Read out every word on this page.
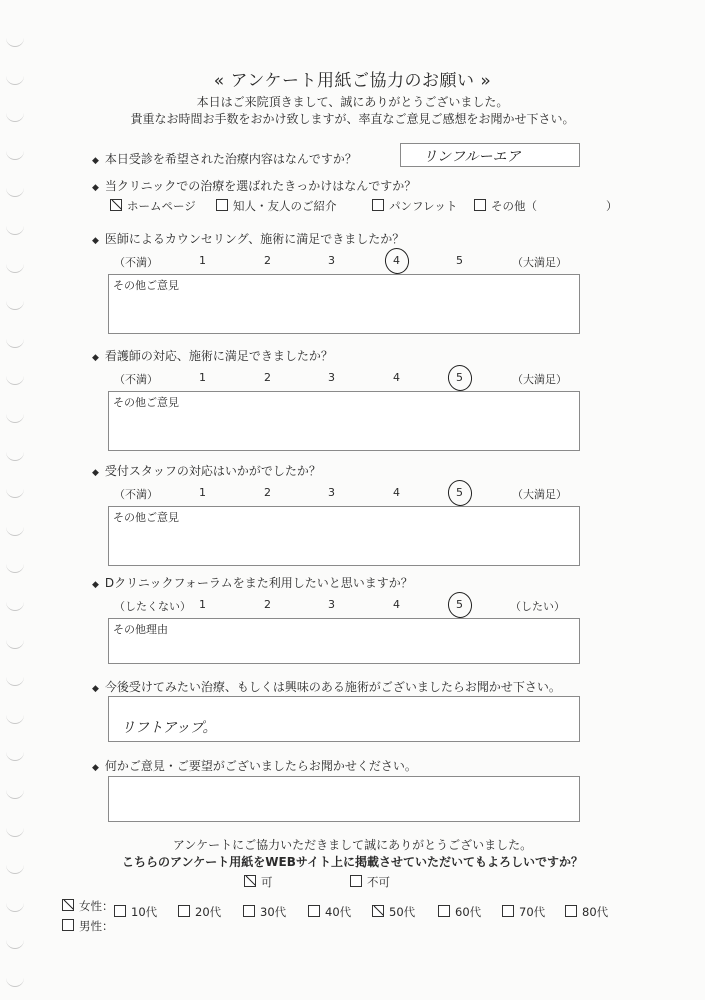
« アンケート用紙ご協力のお願い »
本日はご来院頂きまして、誠にありがとうございました。
貴重なお時間お手数をおかけ致しますが、率直なご意見ご感想をお聞かせ下さい。
◆ 本日受診を希望された治療内容はなんですか？	リンフルーエア
◆ 当クリニックでの治療を選ばれたきっかけはなんですか？
ホームページ	知人・友人のご紹介	パンフレット	その他（	）
◆ 医師によるカウンセリング、施術に満足できましたか？
（不満）	1	2	3	4	5	（大満足）
その他ご意見
◆ 看護師の対応、施術に満足できましたか？
（不満）	1	2	3	4	5	（大満足）
その他ご意見
◆ 受付スタッフの対応はいかがでしたか？
（不満）	1	2	3	4	5	（大満足）
その他ご意見
◆ Dクリニックフォーラムをまた利用したいと思いますか？
（したくない） 1	2	3	4	5	（したい）
その他理由
◆ 今後受けてみたい治療、もしくは興味のある施術がございましたらお聞かせ下さい。
リフトアップ。
◆ 何かご意見・ご要望がございましたらお聞かせください。
アンケートにご協力いただきまして誠にありがとうございました。
こちらのアンケート用紙をWEBサイト上に掲載させていただいてもよろしいですか？
可	不可
女性：
男性：
10代	20代	30代	40代	50代	60代	70代	80代
